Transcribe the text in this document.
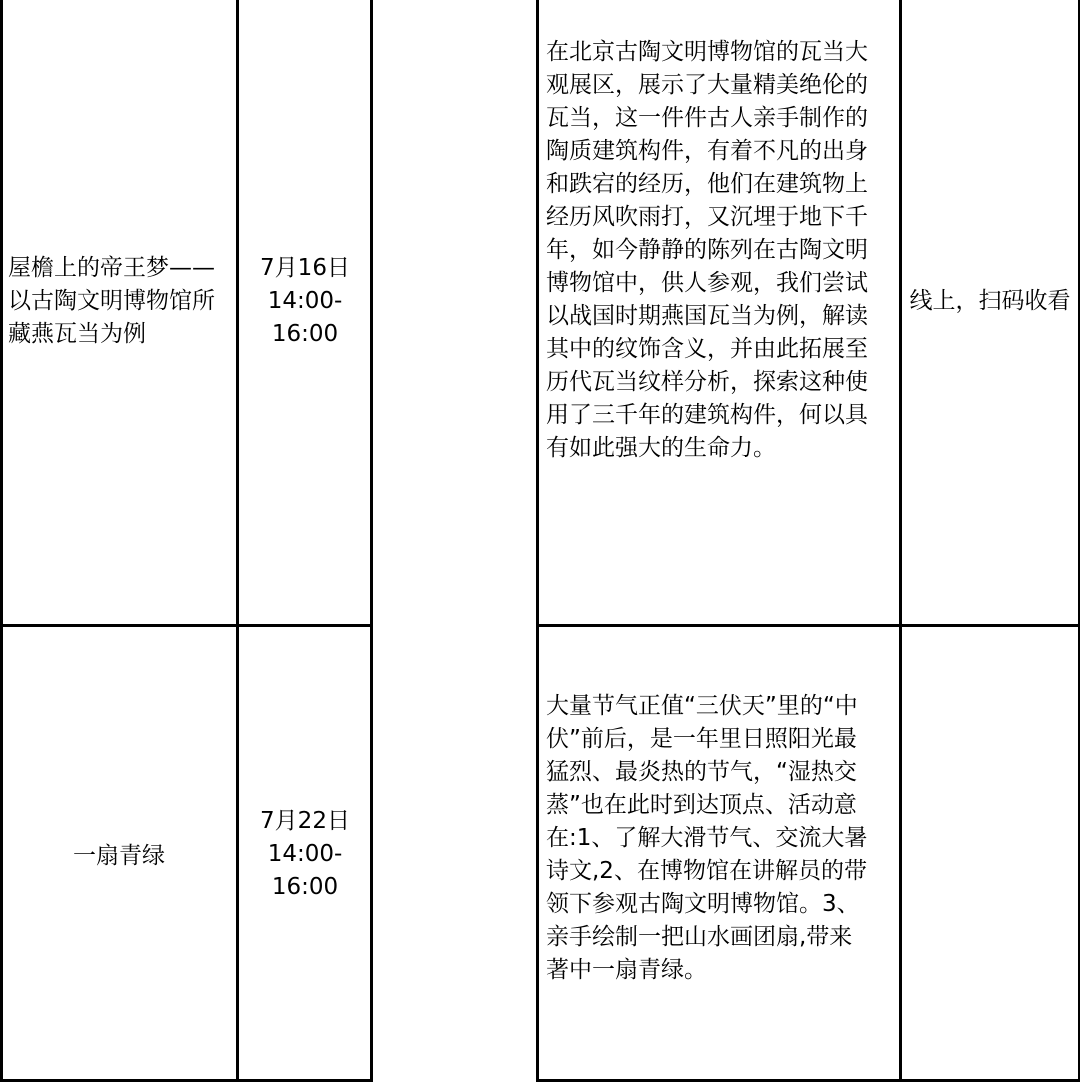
屋檐上的帝王梦——以古陶文明博物馆所藏燕瓦当为例
7月16日
14:00-16:00
在北京古陶文明博物馆的瓦当大观展区，展示了大量精美绝伦的瓦当，这一件件古人亲手制作的陶质建筑构件，有着不凡的出身和跌宕的经历，他们在建筑物上经历风吹雨打，又沉埋于地下千年，如今静静的陈列在古陶文明博物馆中，供人参观，我们尝试以战国时期燕国瓦当为例，解读其中的纹饰含义，并由此拓展至历代瓦当纹样分析，探索这种使用了三千年的建筑构件，何以具有如此强大的生命力。
线上，扫码收看
一扇青绿
7月22日
14:00-16:00
大量节气正值“三伏天”里的“中伏”前后，是一年里日照阳光最猛烈、最炎热的节气，“湿热交蒸”也在此时到达顶点、活动意在:1、了解大滑节气、交流大暑诗文,2、在博物馆在讲解员的带领下参观古陶文明博物馆。3、亲手绘制一把山水画团扇,带来著中一扇青绿。
